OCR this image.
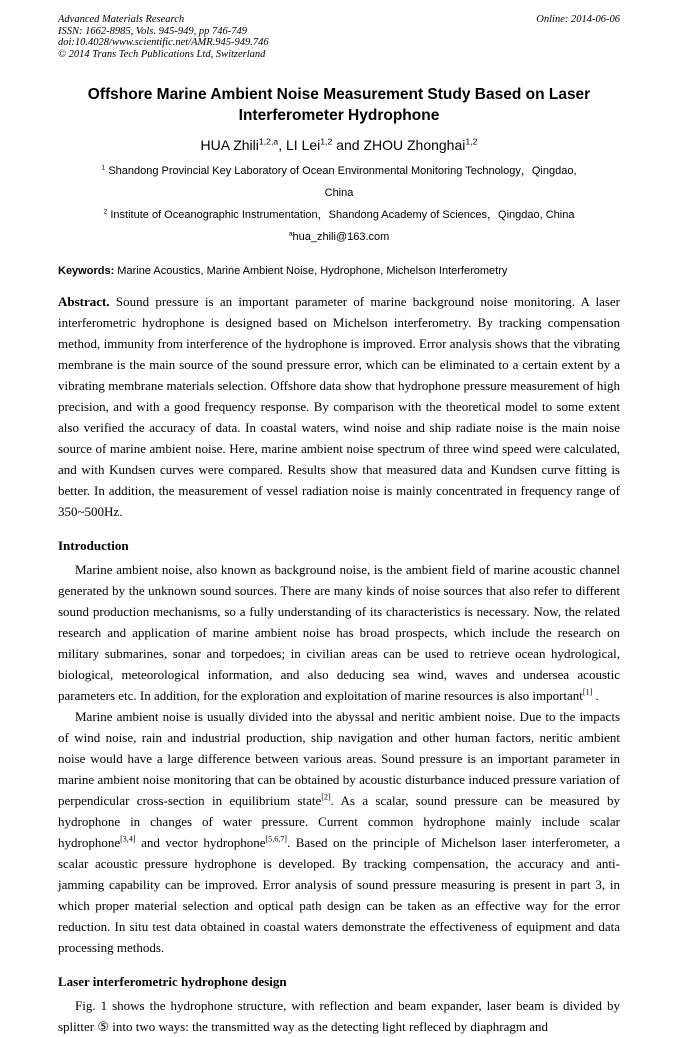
Advanced Materials Research
ISSN: 1662-8985, Vols. 945-949, pp 746-749
doi:10.4028/www.scientific.net/AMR.945-949.746
© 2014 Trans Tech Publications Ltd, Switzerland
Online: 2014-06-06
Offshore Marine Ambient Noise Measurement Study Based on Laser
Interferometer Hydrophone
HUA Zhili$^{1,2,a}$, LI Lei$^{1,2}$ and ZHOU Zhonghai$^{1,2}$
$^1$ Shandong Provincial Key Laboratory of Ocean Environmental Monitoring Technology，Qingdao,
China
$^2$ Institute of Oceanographic Instrumentation，Shandong Academy of Sciences，Qingdao, China
$^a$hua_zhili@163.com
Keywords: Marine Acoustics, Marine Ambient Noise, Hydrophone, Michelson Interferometry
Abstract. Sound pressure is an important parameter of marine background noise monitoring. A laser interferometric hydrophone is designed based on Michelson interferometry. By tracking compensation method, immunity from interference of the hydrophone is improved. Error analysis shows that the vibrating membrane is the main source of the sound pressure error, which can be eliminated to a certain extent by a vibrating membrane materials selection. Offshore data show that hydrophone pressure measurement of high precision, and with a good frequency response. By comparison with the theoretical model to some extent also verified the accuracy of data. In coastal waters, wind noise and ship radiate noise is the main noise source of marine ambient noise. Here, marine ambient noise spectrum of three wind speed were calculated, and with Kundsen curves were compared. Results show that measured data and Kundsen curve fitting is better. In addition, the measurement of vessel radiation noise is mainly concentrated in frequency range of 350~500Hz.
Introduction

Marine ambient noise, also known as background noise, is the ambient field of marine acoustic channel generated by the unknown sound sources. There are many kinds of noise sources that also refer to different sound production mechanisms, so a fully understanding of its characteristics is necessary. Now, the related research and application of marine ambient noise has broad prospects, which include the research on military submarines, sonar and torpedoes; in civilian areas can be used to retrieve ocean hydrological, biological, meteorological information, and also deducing sea wind, waves and undersea acoustic parameters etc. In addition, for the exploration and exploitation of marine resources is also important[1] .

Marine ambient noise is usually divided into the abyssal and neritic ambient noise. Due to the impacts of wind noise, rain and industrial production, ship navigation and other human factors, neritic ambient noise would have a large difference between various areas. Sound pressure is an important parameter in marine ambient noise monitoring that can be obtained by acoustic disturbance induced pressure variation of perpendicular cross-section in equilibrium state[2]. As a scalar, sound pressure can be measured by hydrophone in changes of water pressure. Current common hydrophone mainly include scalar hydrophone[3,4] and vector hydrophone[5,6,7]. Based on the principle of Michelson laser interferometer, a scalar acoustic pressure hydrophone is developed. By tracking compensation, the accuracy and anti-jamming capability can be improved. Error analysis of sound pressure measuring is present in part 3, in which proper material selection and optical path design can be taken as an effective way for the error reduction. In situ test data obtained in coastal waters demonstrate the effectiveness of equipment and data processing methods.

Laser interferometric hydrophone design

Fig. 1 shows the hydrophone structure, with reflection and beam expander, laser beam is divided by splitter ⑤ into two ways: the transmitted way as the detecting light refleced by diaphragm and
